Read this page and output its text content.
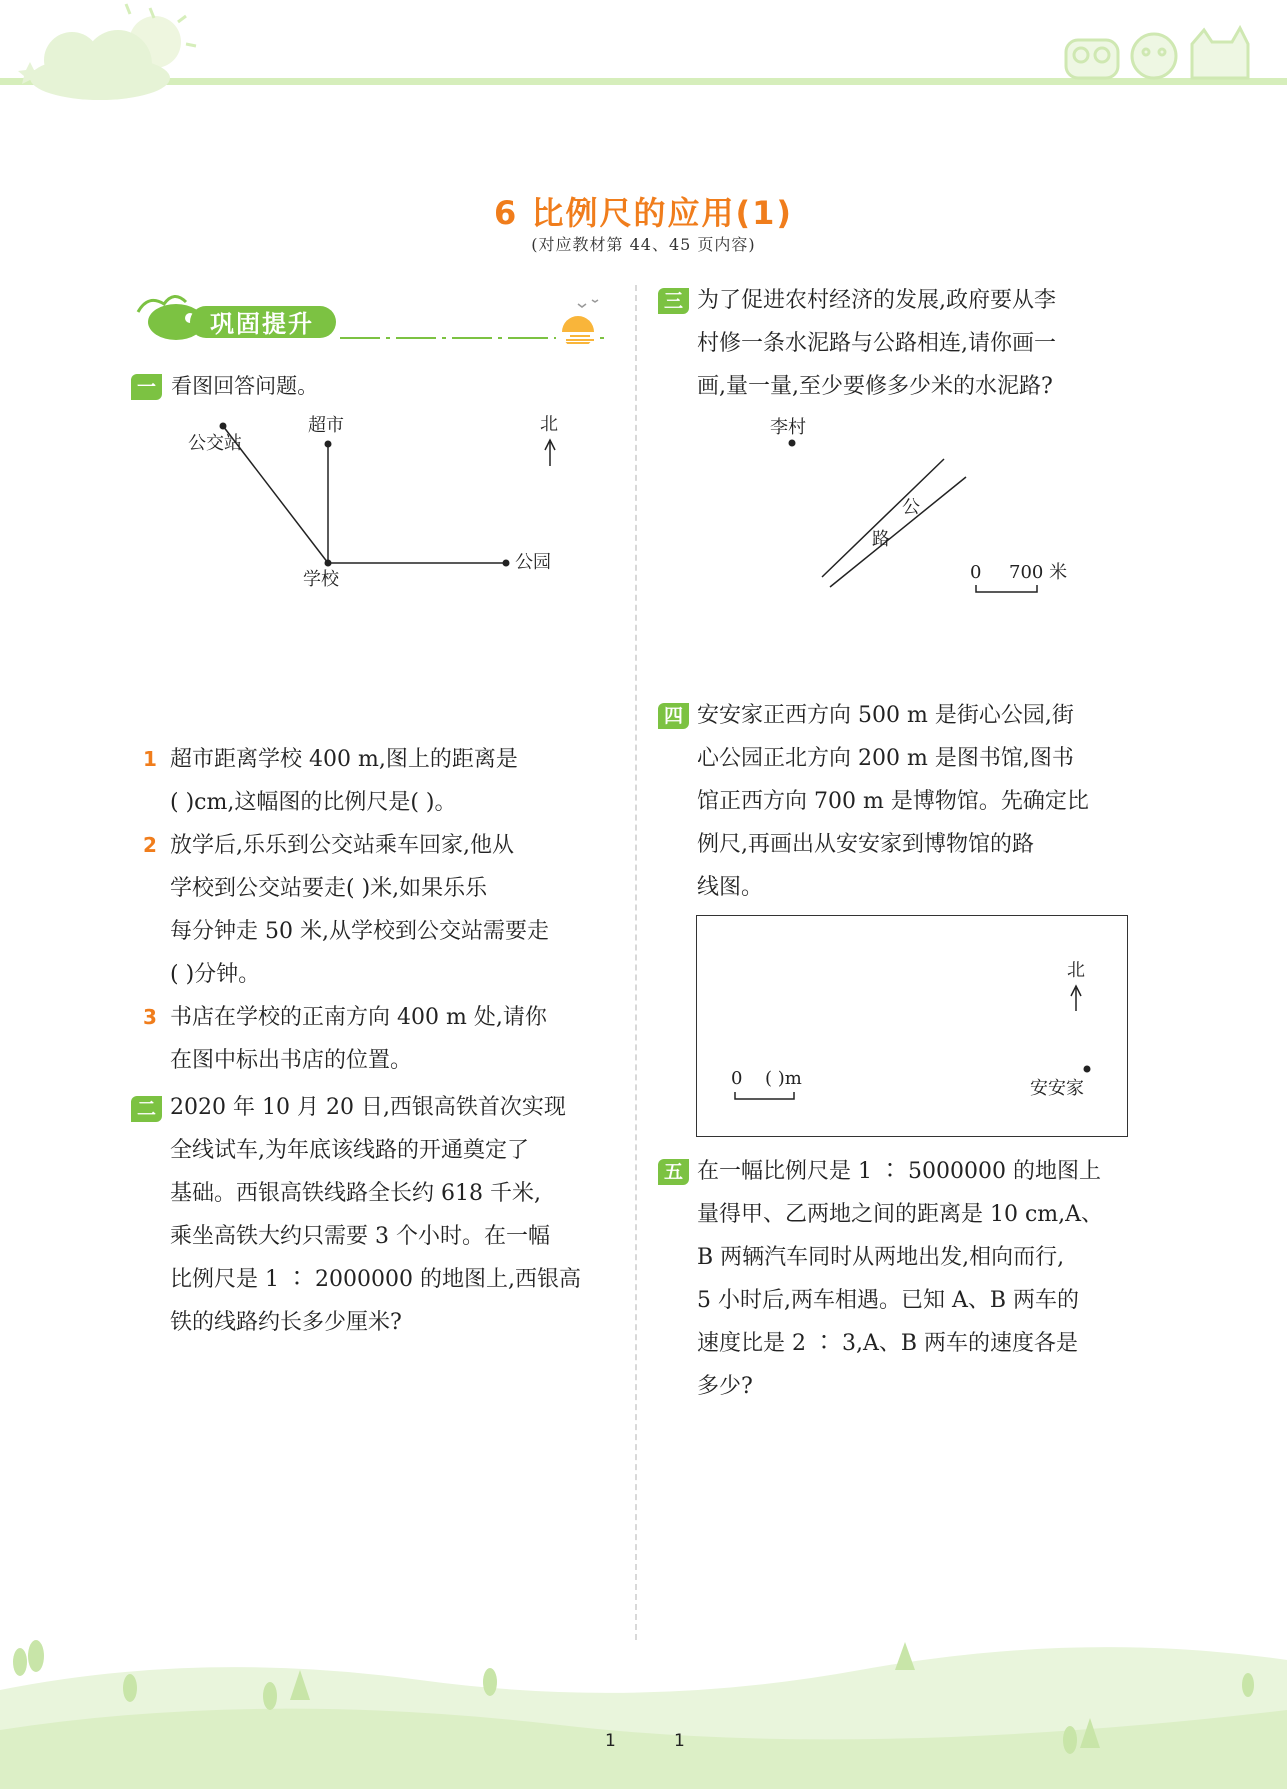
6 比例尺的应用(1)
(对应教材第 44、45 页内容)
巩固提升
一 看图回答问题。
公交站
超市	北
学校
公园
超市距离学校 400 m,图上的距离是
( )cm,这幅图的比例尺是( )。
放学后,乐乐到公交站乘车回家,他从
学校到公交站要走( )米,如果乐乐
每分钟走 50 米,从学校到公交站需要走
( )分钟。
书店在学校的正南方向 400 m 处,请你
在图中标出书店的位置。
1
2
3
二 2020 年 10 月 20 日,西银高铁首次实现
全线试车,为年底该线路的开通奠定了
基础。西银高铁线路全长约 618 千米,
乘坐高铁大约只需要 3 个小时。在一幅
比例尺是 1 ∶ 2000000 的地图上,西银高
铁的线路约长多少厘米?
三 为了促进农村经济的发展,政府要从李
村修一条水泥路与公路相连,请你画一
画,量一量,至少要修多少米的水泥路?
李村
公
路
0 700 米
四 安安家正西方向 500 m 是街心公园,街
心公园正北方向 200 m 是图书馆,图书
馆正西方向 700 m 是博物馆。先确定比
例尺,再画出从安安家到博物馆的路
线图。
北
0 ( )m	安安家
五 在一幅比例尺是 1 ∶ 5000000 的地图上
量得甲、乙两地之间的距离是 10 cm,A、
B 两辆汽车同时从两地出发,相向而行,
5 小时后,两车相遇。已知 A、B 两车的
速度比是 2 ∶ 3,A、B 两车的速度各是
多少?
1	1
